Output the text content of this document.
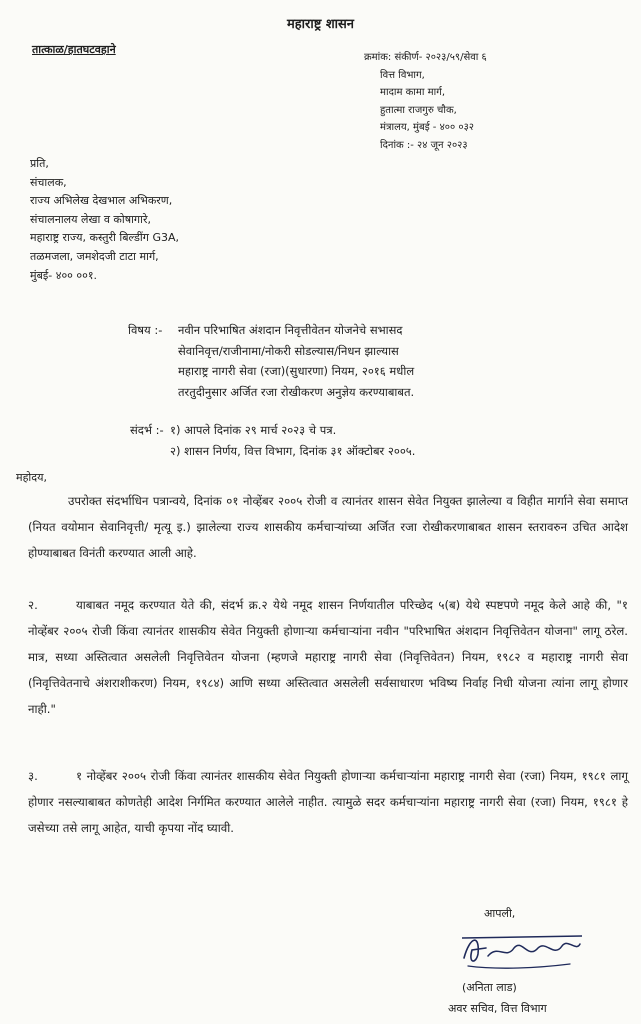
महाराष्ट्र शासन
तात्काळ/हातघटवहाने
क्रमांक: संकीर्ण- २०२३/५९/सेवा ६
वित्त विभाग,
मादाम कामा मार्ग,
हुतात्मा राजगुरु चौक,
मंत्रालय, मुंबई - ४०० ०३२
दिनांक :- २४ जून २०२३
प्रति,
संचालक,
राज्य अभिलेख देखभाल अभिकरण,
संचालनालय लेखा व कोषागारे,
महाराष्ट्र राज्य, कस्तुरी बिल्डींग G3A,
तळमजला, जमशेदजी टाटा मार्ग,
मुंबई- ४०० ००१.
विषय :- नवीन परिभाषित अंशदान निवृत्तीवेतन योजनेचे सभासद
सेवानिवृत्त/राजीनामा/नोकरी सोडल्यास/निधन झाल्यास
महाराष्ट्र नागरी सेवा (रजा)(सुधारणा) नियम, २०१६ मधील
तरतुदीनुसार अर्जित रजा रोखीकरण अनुज्ञेय करण्याबाबत.
संदर्भ :- १) आपले दिनांक २९ मार्च २०२३ चे पत्र.
२) शासन निर्णय, वित्त विभाग, दिनांक ३१ ऑक्टोबर २००५.
महोदय,
उपरोक्त संदर्भाधिन पत्रान्वये, दिनांक ०१ नोव्हेंबर २००५ रोजी व त्यानंतर शासन सेवेत नियुक्त झालेल्या व विहीत मार्गाने सेवा समाप्त (नियत वयोमान सेवानिवृत्ती/ मृत्यू इ.) झालेल्या राज्य शासकीय कर्मचाऱ्यांच्या अर्जित रजा रोखीकरणाबाबत शासन स्तरावरुन उचित आदेश होण्याबाबत विनंती करण्यात आली आहे.
२.	याबाबत नमूद करण्यात येते की, संदर्भ क्र.२ येथे नमूद शासन निर्णयातील परिच्छेद ५(ब) येथे स्पष्टपणे नमूद केले आहे की, "१ नोव्हेंबर २००५ रोजी किंवा त्यानंतर शासकीय सेवेत नियुक्ती होणाऱ्या कर्मचाऱ्यांना नवीन "परिभाषित अंशदान निवृत्तिवेतन योजना" लागू ठरेल. मात्र, सध्या अस्तित्वात असलेली निवृत्तिवेतन योजना (म्हणजे महाराष्ट्र नागरी सेवा (निवृत्तिवेतन) नियम, १९८२ व महाराष्ट्र नागरी सेवा (निवृत्तिवेतनाचे अंशराशीकरण) नियम, १९८४) आणि सध्या अस्तित्वात असलेली सर्वसाधारण भविष्य निर्वाह निधी योजना त्यांना लागू होणार नाही."
३.	१ नोव्हेंबर २००५ रोजी किंवा त्यानंतर शासकीय सेवेत नियुक्ती होणाऱ्या कर्मचाऱ्यांना महाराष्ट्र नागरी सेवा (रजा) नियम, १९८१ लागू होणार नसल्याबाबत कोणतेही आदेश निर्गमित करण्यात आलेले नाहीत. त्यामुळे सदर कर्मचाऱ्यांना महाराष्ट्र नागरी सेवा (रजा) नियम, १९८१ हे जसेच्या तसे लागू आहेत, याची कृपया नोंद घ्यावी.
आपली,
(अनिता लाड)
अवर सचिव, वित्त विभाग
